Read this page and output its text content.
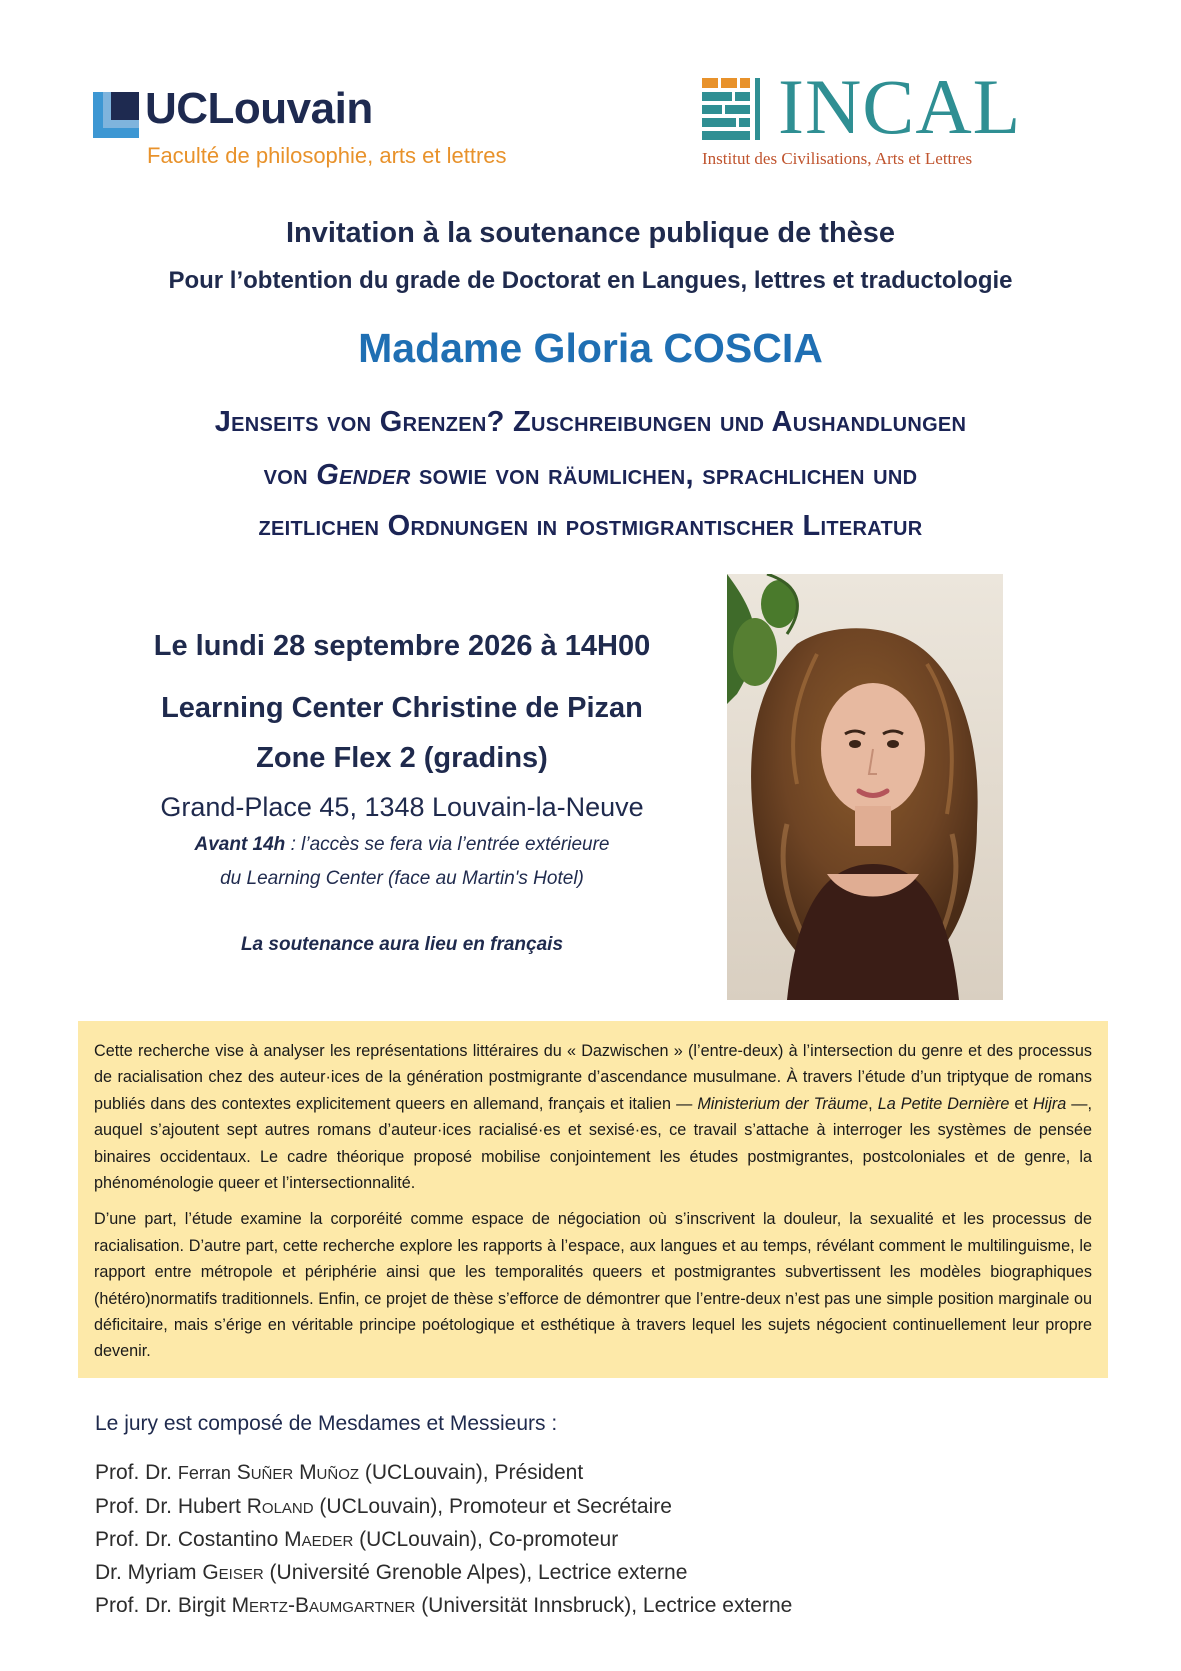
UCLouvain
Faculté de philosophie, arts et lettres
INCAL
Institut des Civilisations, Arts et Lettres
Invitation à la soutenance publique de thèse
Pour l’obtention du grade de Doctorat en Langues, lettres et traductologie
Madame Gloria COSCIA
Jenseits von Grenzen? Zuschreibungen und Aushandlungen
von Gender sowie von räumlichen, sprachlichen und
zeitlichen Ordnungen in postmigrantischer Literatur
Le lundi 28 septembre 2026 à 14H00
Learning Center Christine de Pizan
Zone Flex 2 (gradins)
Grand-Place 45, 1348 Louvain-la-Neuve
Avant 14h : l’accès se fera via l’entrée extérieure
du Learning Center (face au Martin's Hotel)
La soutenance aura lieu en français

Cette recherche vise à analyser les représentations littéraires du « Dazwischen » (l’entre-deux) à l’intersection du genre et des processus de racialisation chez des auteur·ices de la génération postmigrante d’ascendance musulmane. À travers l’étude d’un triptyque de romans publiés dans des contextes explicitement queers en allemand, français et italien — Ministerium der Träume, La Petite Dernière et Hijra —, auquel s’ajoutent sept autres romans d’auteur·ices racialisé·es et sexisé·es, ce travail s’attache à interroger les systèmes de pensée binaires occidentaux. Le cadre théorique proposé mobilise conjointement les études postmigrantes, postcoloniales et de genre, la phénoménologie queer et l’intersectionnalité.

D’une part, l’étude examine la corporéité comme espace de négociation où s’inscrivent la douleur, la sexualité et les processus de racialisation. D’autre part, cette recherche explore les rapports à l’espace, aux langues et au temps, révélant comment le multilinguisme, le rapport entre métropole et périphérie ainsi que les temporalités queers et postmigrantes subvertissent les modèles biographiques (hétéro)normatifs traditionnels. Enfin, ce projet de thèse s’efforce de démontrer que l’entre-deux n’est pas une simple position marginale ou déficitaire, mais s’érige en véritable principe poétologique et esthétique à travers lequel les sujets négocient continuellement leur propre devenir.

Le jury est composé de Mesdames et Messieurs :
Prof. Dr. Ferran Suñer Muñoz (UCLouvain), Président
Prof. Dr. Hubert Roland (UCLouvain), Promoteur et Secrétaire
Prof. Dr. Costantino Maeder (UCLouvain), Co-promoteur
Dr. Myriam Geiser (Université Grenoble Alpes), Lectrice externe
Prof. Dr. Birgit Mertz-Baumgartner (Universität Innsbruck), Lectrice externe
